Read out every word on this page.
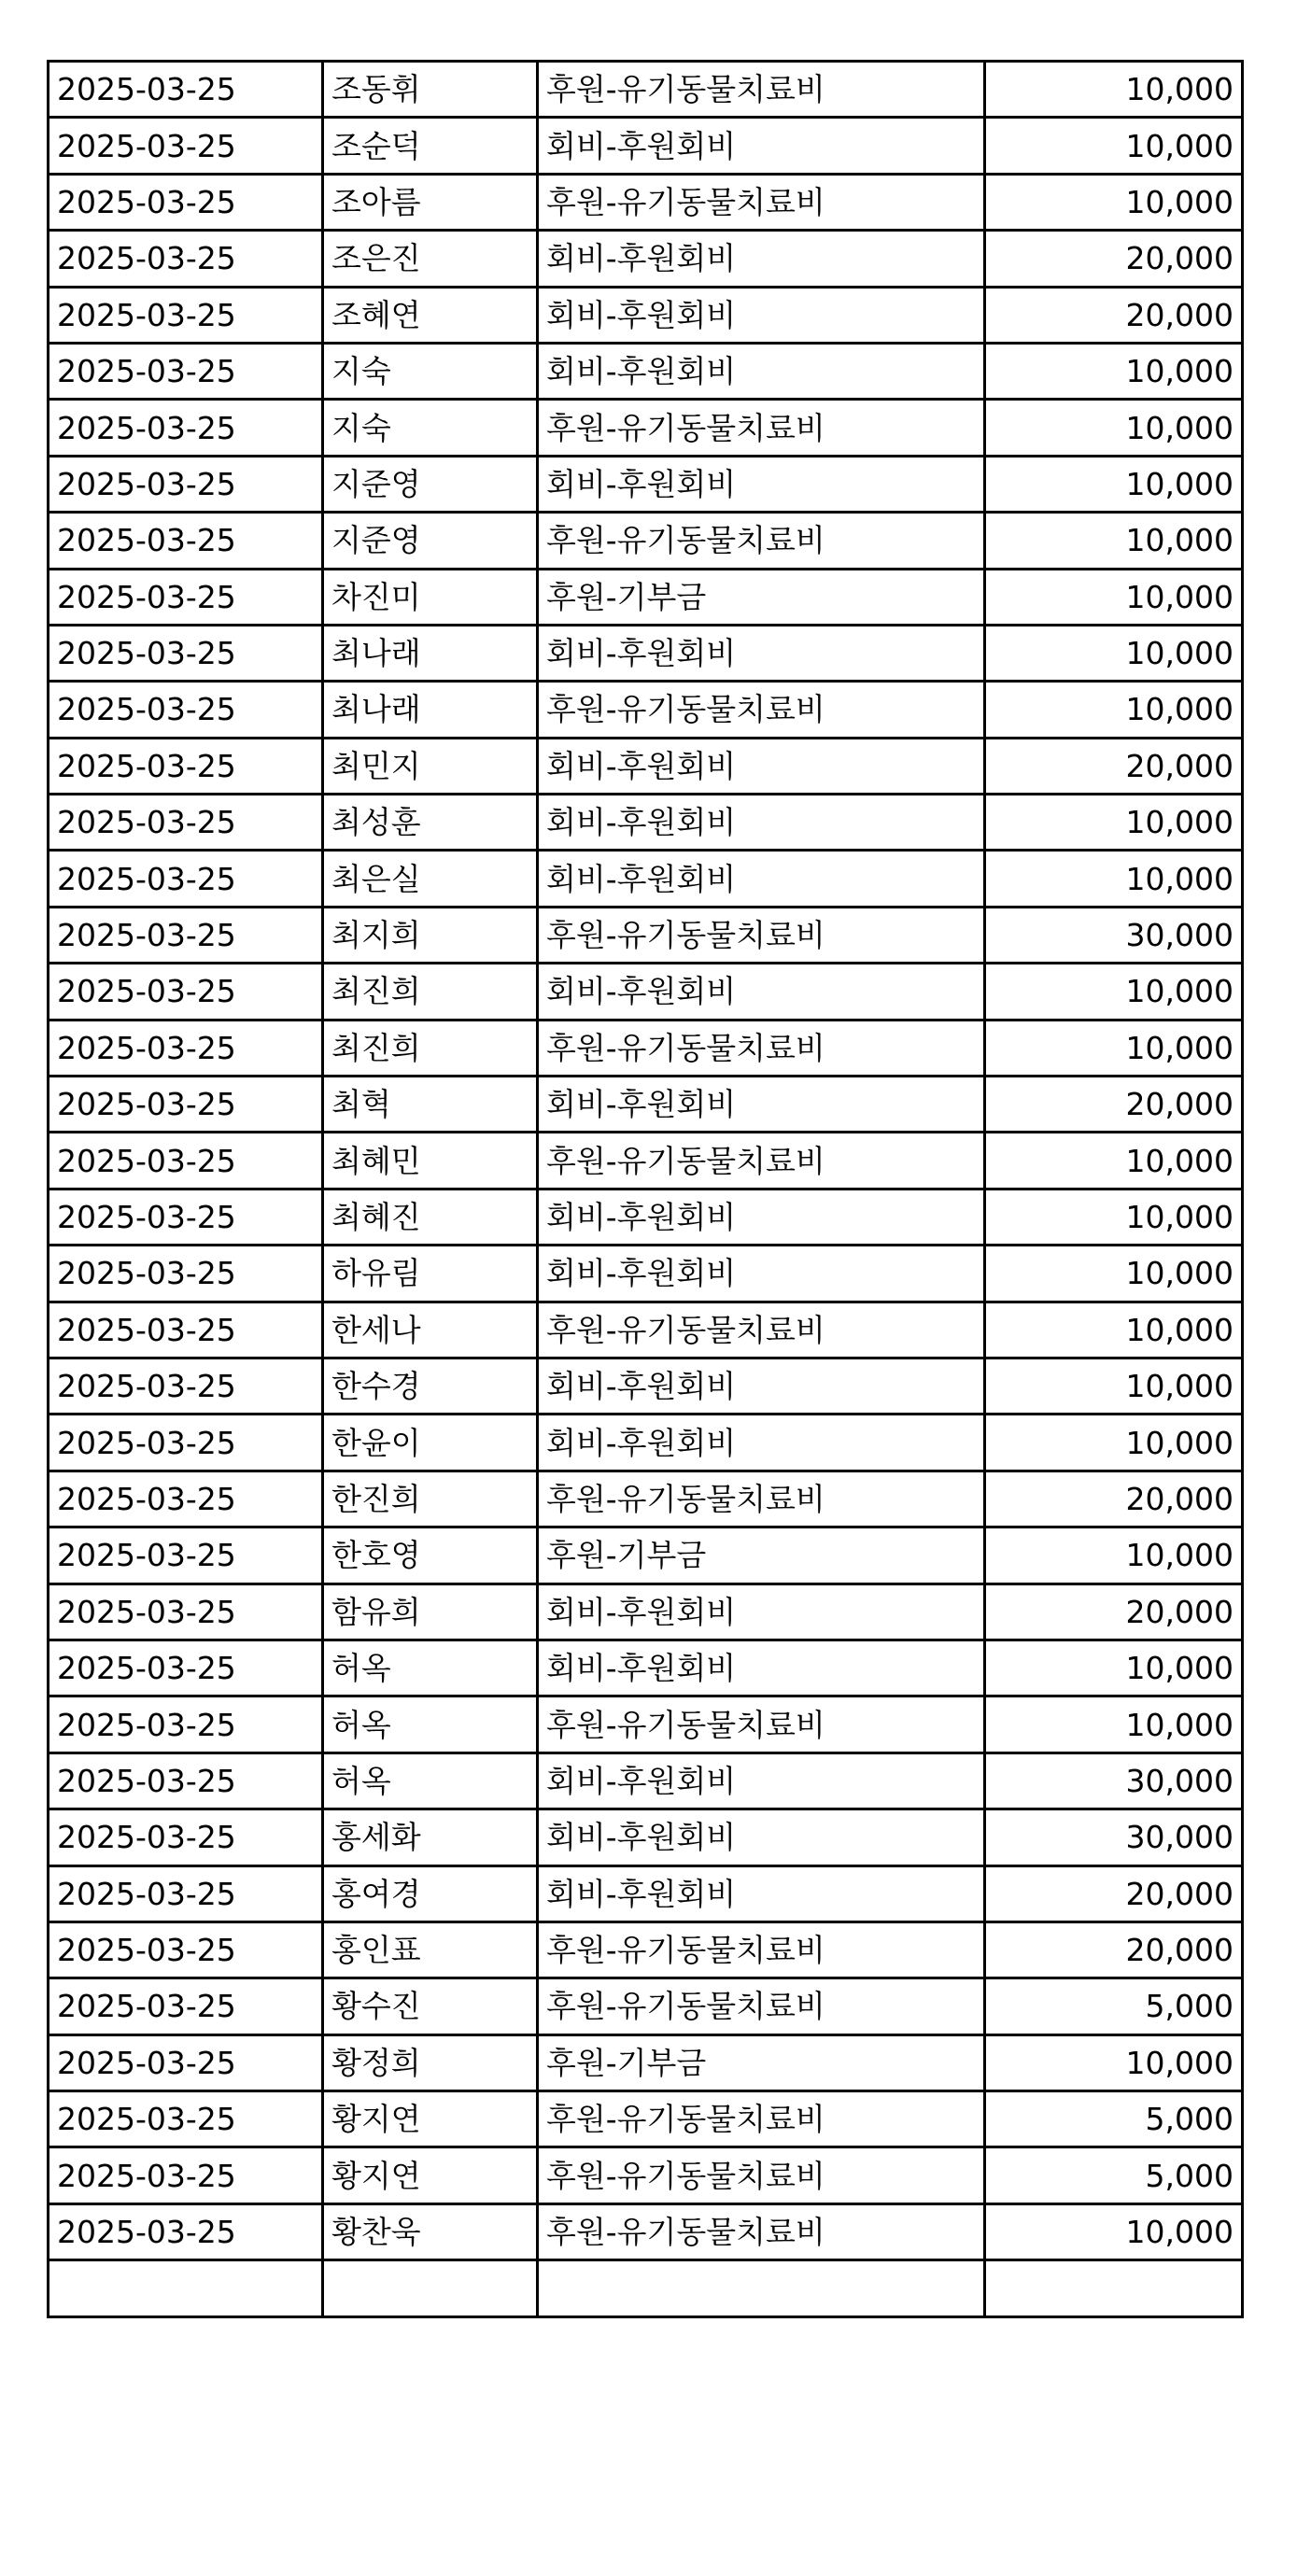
2025-03-25	조동휘	후원-유기동물치료비	10,000
2025-03-25	조순덕	회비-후원회비	10,000
2025-03-25	조아름	후원-유기동물치료비	10,000
2025-03-25	조은진	회비-후원회비	20,000
2025-03-25	조혜연	회비-후원회비	20,000
2025-03-25	지숙	회비-후원회비	10,000
2025-03-25	지숙	후원-유기동물치료비	10,000
2025-03-25	지준영	회비-후원회비	10,000
2025-03-25	지준영	후원-유기동물치료비	10,000
2025-03-25	차진미	후원-기부금	10,000
2025-03-25	최나래	회비-후원회비	10,000
2025-03-25	최나래	후원-유기동물치료비	10,000
2025-03-25	최민지	회비-후원회비	20,000
2025-03-25	최성훈	회비-후원회비	10,000
2025-03-25	최은실	회비-후원회비	10,000
2025-03-25	최지희	후원-유기동물치료비	30,000
2025-03-25	최진희	회비-후원회비	10,000
2025-03-25	최진희	후원-유기동물치료비	10,000
2025-03-25	최혁	회비-후원회비	20,000
2025-03-25	최혜민	후원-유기동물치료비	10,000
2025-03-25	최혜진	회비-후원회비	10,000
2025-03-25	하유림	회비-후원회비	10,000
2025-03-25	한세나	후원-유기동물치료비	10,000
2025-03-25	한수경	회비-후원회비	10,000
2025-03-25	한윤이	회비-후원회비	10,000
2025-03-25	한진희	후원-유기동물치료비	20,000
2025-03-25	한호영	후원-기부금	10,000
2025-03-25	함유희	회비-후원회비	20,000
2025-03-25	허옥	회비-후원회비	10,000
2025-03-25	허옥	후원-유기동물치료비	10,000
2025-03-25	허옥	회비-후원회비	30,000
2025-03-25	홍세화	회비-후원회비	30,000
2025-03-25	홍여경	회비-후원회비	20,000
2025-03-25	홍인표	후원-유기동물치료비	20,000
2025-03-25	황수진	후원-유기동물치료비	5,000
2025-03-25	황정희	후원-기부금	10,000
2025-03-25	황지연	후원-유기동물치료비	5,000
2025-03-25	황지연	후원-유기동물치료비	5,000
2025-03-25	황찬욱	후원-유기동물치료비	10,000
